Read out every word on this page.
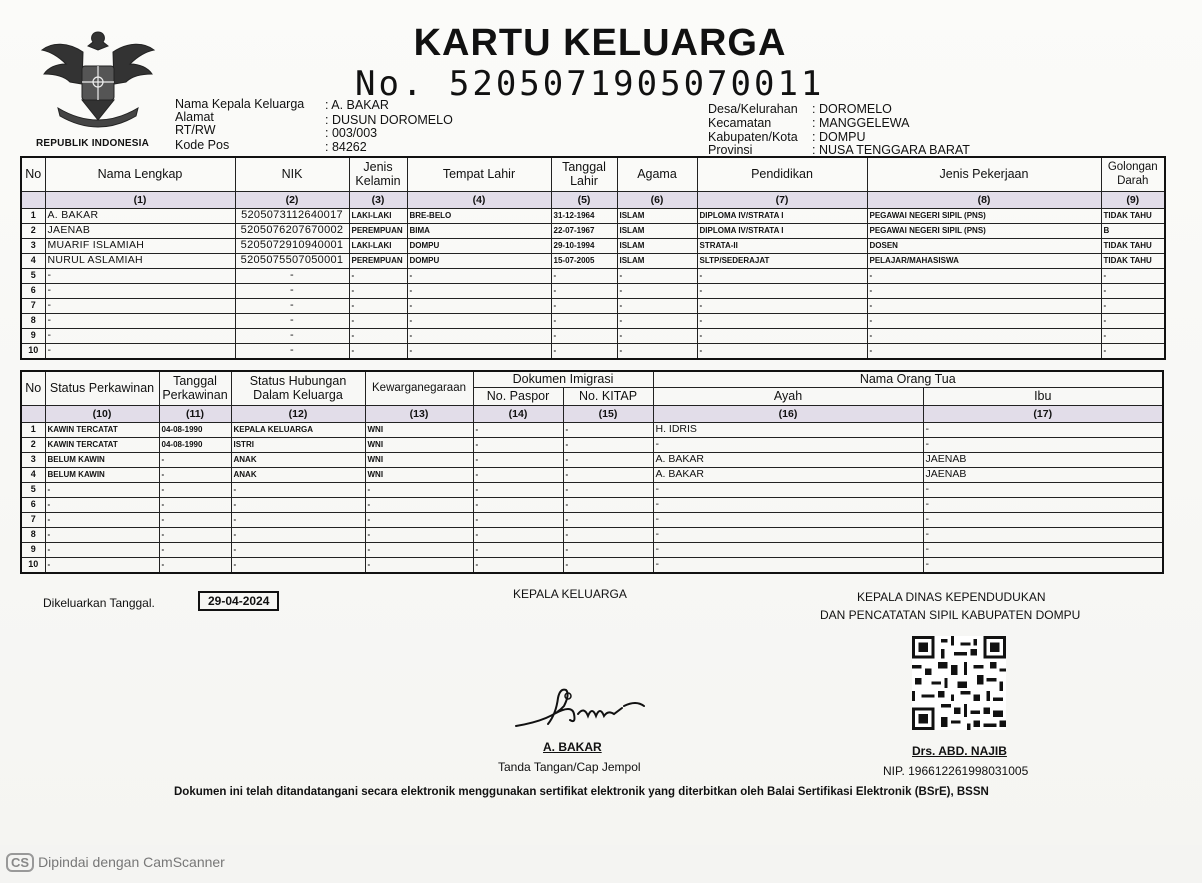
REPUBLIK INDONESIA
KARTU KELUARGA
No. 5205071905070011
Nama Kepala Keluarga : A. BAKAR
Alamat	: DUSUN DOROMELO
RT/RW	: 003/003
Kode Pos	: 84262
Desa/Kelurahan : DOROMELO
Kecamatan	: MANGGELEWA
Kabupaten/Kota : DOMPU
Provinsi	: NUSA TENGGARA BARAT
No	Nama Lengkap	NIK	Jenis Kelamin	Tempat Lahir	Tanggal Lahir	Agama	Pendidikan	Jenis Pekerjaan	Golongan Darah
	(1)	(2)	(3)	(4)	(5)	(6)	(7)	(8)	(9)
1	A. BAKAR	5205073112640017	LAKI-LAKI	BRE-BELO	31-12-1964	ISLAM	DIPLOMA IV/STRATA I	PEGAWAI NEGERI SIPIL (PNS)	TIDAK TAHU
2	JAENAB	5205076207670002	PEREMPUAN	BIMA	22-07-1967	ISLAM	DIPLOMA IV/STRATA I	PEGAWAI NEGERI SIPIL (PNS)	B
3	MUARIF ISLAMIAH	5205072910940001	LAKI-LAKI	DOMPU	29-10-1994	ISLAM	STRATA-II	DOSEN	TIDAK TAHU
4	NURUL ASLAMIAH	5205075507050001	PEREMPUAN	DOMPU	15-07-2005	ISLAM	SLTP/SEDERAJAT	PELAJAR/MAHASISWA	TIDAK TAHU
5	-	-	-	-	-	-	-	-	-
6	-	-	-	-	-	-	-	-	-
7	-	-	-	-	-	-	-	-	-
8	-	-	-	-	-	-	-	-	-
9	-	-	-	-	-	-	-	-	-
10	-	-	-	-	-	-	-	-	-
No	Status Perkawinan	Tanggal Perkawinan	Status Hubungan Dalam Keluarga	Kewarganegaraan	Dokumen Imigrasi		Nama Orang Tua	
					No. Paspor	No. KITAP	Ayah	Ibu
	(10)	(11)	(12)	(13)	(14)	(15)	(16)	(17)
1	KAWIN TERCATAT	04-08-1990	KEPALA KELUARGA	WNI	-	-	H. IDRIS	-
2	KAWIN TERCATAT	04-08-1990	ISTRI	WNI	-	-	-	-
3	BELUM KAWIN	-	ANAK	WNI	-	-	A. BAKAR	JAENAB
4	BELUM KAWIN	-	ANAK	WNI	-	-	A. BAKAR	JAENAB
5	-	-	-	-	-	-	-	-
6	-	-	-	-	-	-	-	-
7	-	-	-	-	-	-	-	-
8	-	-	-	-	-	-	-	-
9	-	-	-	-	-	-	-	-
10	-	-	-	-	-	-	-	-
Dikeluarkan Tanggal.	29-04-2024	KEPALA KELUARGA
A. BAKAR
Tanda Tangan/Cap Jempol
KEPALA DINAS KEPENDUDUKAN
DAN PENCATATAN SIPIL KABUPATEN DOMPU
Drs. ABD. NAJIB
NIP. 196612261998031005
Dokumen ini telah ditandatangani secara elektronik menggunakan sertifikat elektronik yang diterbitkan oleh Balai Sertifikasi Elektronik (BSrE), BSSN
CS Dipindai dengan CamScanner
